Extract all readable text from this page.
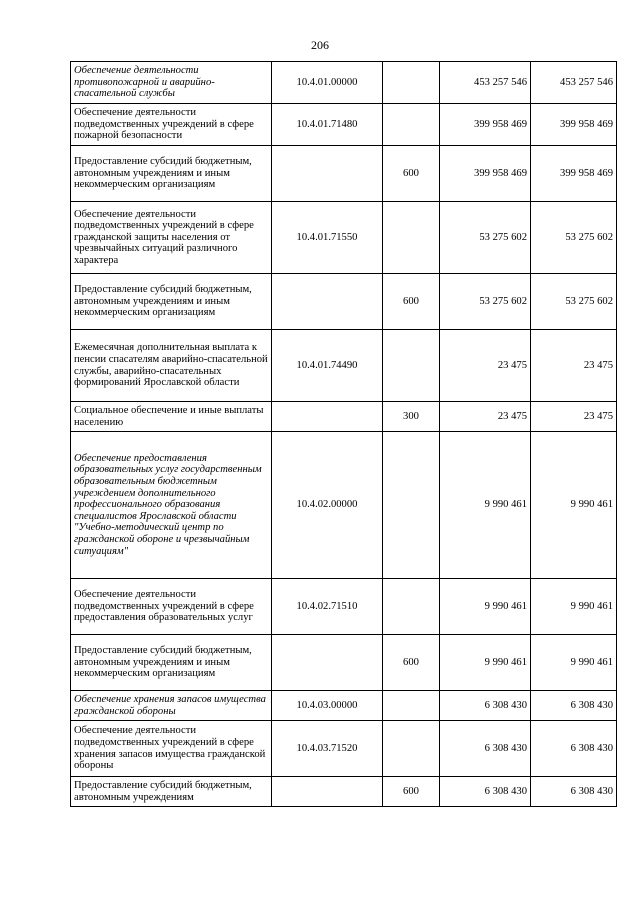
206
Обеспечение деятельности противопожарной и аварийно-спасательной службы	10.4.01.00000		453 257 546	453 257 546
Обеспечение деятельности подведомственных учреждений в сфере пожарной безопасности	10.4.01.71480		399 958 469	399 958 469
Предоставление субсидий бюджетным, автономным учреждениям и иным некоммерческим организациям		600	399 958 469	399 958 469
Обеспечение деятельности подведомственных учреждений в сфере гражданской защиты населения от чрезвычайных ситуаций различного характера	10.4.01.71550		53 275 602	53 275 602
Предоставление субсидий бюджетным, автономным учреждениям и иным некоммерческим организациям		600	53 275 602	53 275 602
Ежемесячная дополнительная выплата к пенсии спасателям аварийно-спасательной службы, аварийно-спасательных формирований Ярославской области	10.4.01.74490		23 475	23 475
Социальное обеспечение и иные выплаты населению		300	23 475	23 475
Обеспечение предоставления образовательных услуг государственным образовательным бюджетным учреждением дополнительного профессионального образования специалистов Ярославской области "Учебно-методический центр по гражданской обороне и чрезвычайным ситуациям"	10.4.02.00000		9 990 461	9 990 461
Обеспечение деятельности подведомственных учреждений в сфере предоставления образовательных услуг	10.4.02.71510		9 990 461	9 990 461
Предоставление субсидий бюджетным, автономным учреждениям и иным некоммерческим организациям		600	9 990 461	9 990 461
Обеспечение хранения запасов имущества гражданской обороны	10.4.03.00000		6 308 430	6 308 430
Обеспечение деятельности подведомственных учреждений в сфере хранения запасов имущества гражданской обороны	10.4.03.71520		6 308 430	6 308 430
Предоставление субсидий бюджетным, автономным учреждениям		600	6 308 430	6 308 430
